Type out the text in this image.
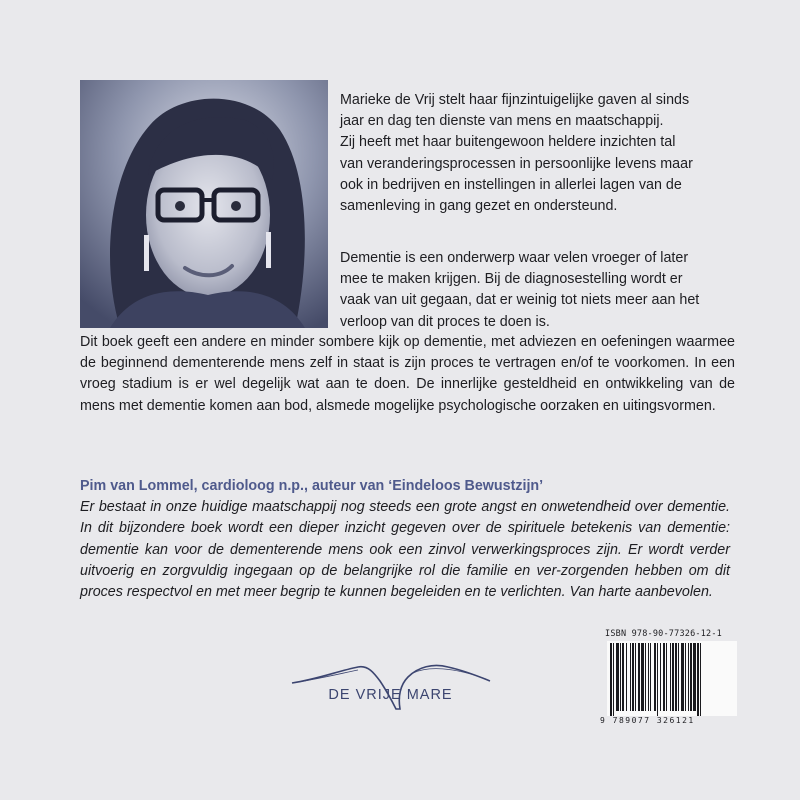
Marieke de Vrij stelt haar fijnzintuigelijke gaven al sinds
jaar en dag ten dienste van mens en maatschappij.
Zij heeft met haar buitengewoon heldere inzichten tal
van veranderingsprocessen in persoonlijke levens maar
ook in bedrijven en instellingen in allerlei lagen van de
samenleving in gang gezet en ondersteund.

Dementie is een onderwerp waar velen vroeger of later
mee te maken krijgen. Bij de diagnosestelling wordt er
vaak van uit gegaan, dat er weinig tot niets meer aan het
verloop van dit proces te doen is.

Dit boek geeft een andere en minder sombere kijk op dementie, met adviezen en oefeningen waarmee de beginnend dementerende mens zelf in staat is zijn proces te vertragen en/of te voorkomen. In een vroeg stadium is er wel degelijk wat aan te doen. De innerlijke gesteldheid en ontwikkeling van de mens met dementie komen aan bod, alsmede mogelijke psychologische oorzaken en uitingsvormen.

Pim van Lommel, cardioloog n.p., auteur van ‘Eindeloos Bewustzijn’

Er bestaat in onze huidige maatschappij nog steeds een grote angst en onwetendheid over dementie. In dit bijzondere boek wordt een dieper inzicht gegeven over de spirituele betekenis van dementie: dementie kan voor de dementerende mens ook een zinvol verwerkingsproces zijn. Er wordt verder uitvoerig en zorgvuldig ingegaan op de belangrijke rol die familie en ver-zorgenden hebben om dit proces respectvol en met meer begrip te kunnen begeleiden en te verlichten. Van harte aanbevolen.

DE VRIJE MARE
ISBN 978-90-77326-12-1
9 789077 326121
